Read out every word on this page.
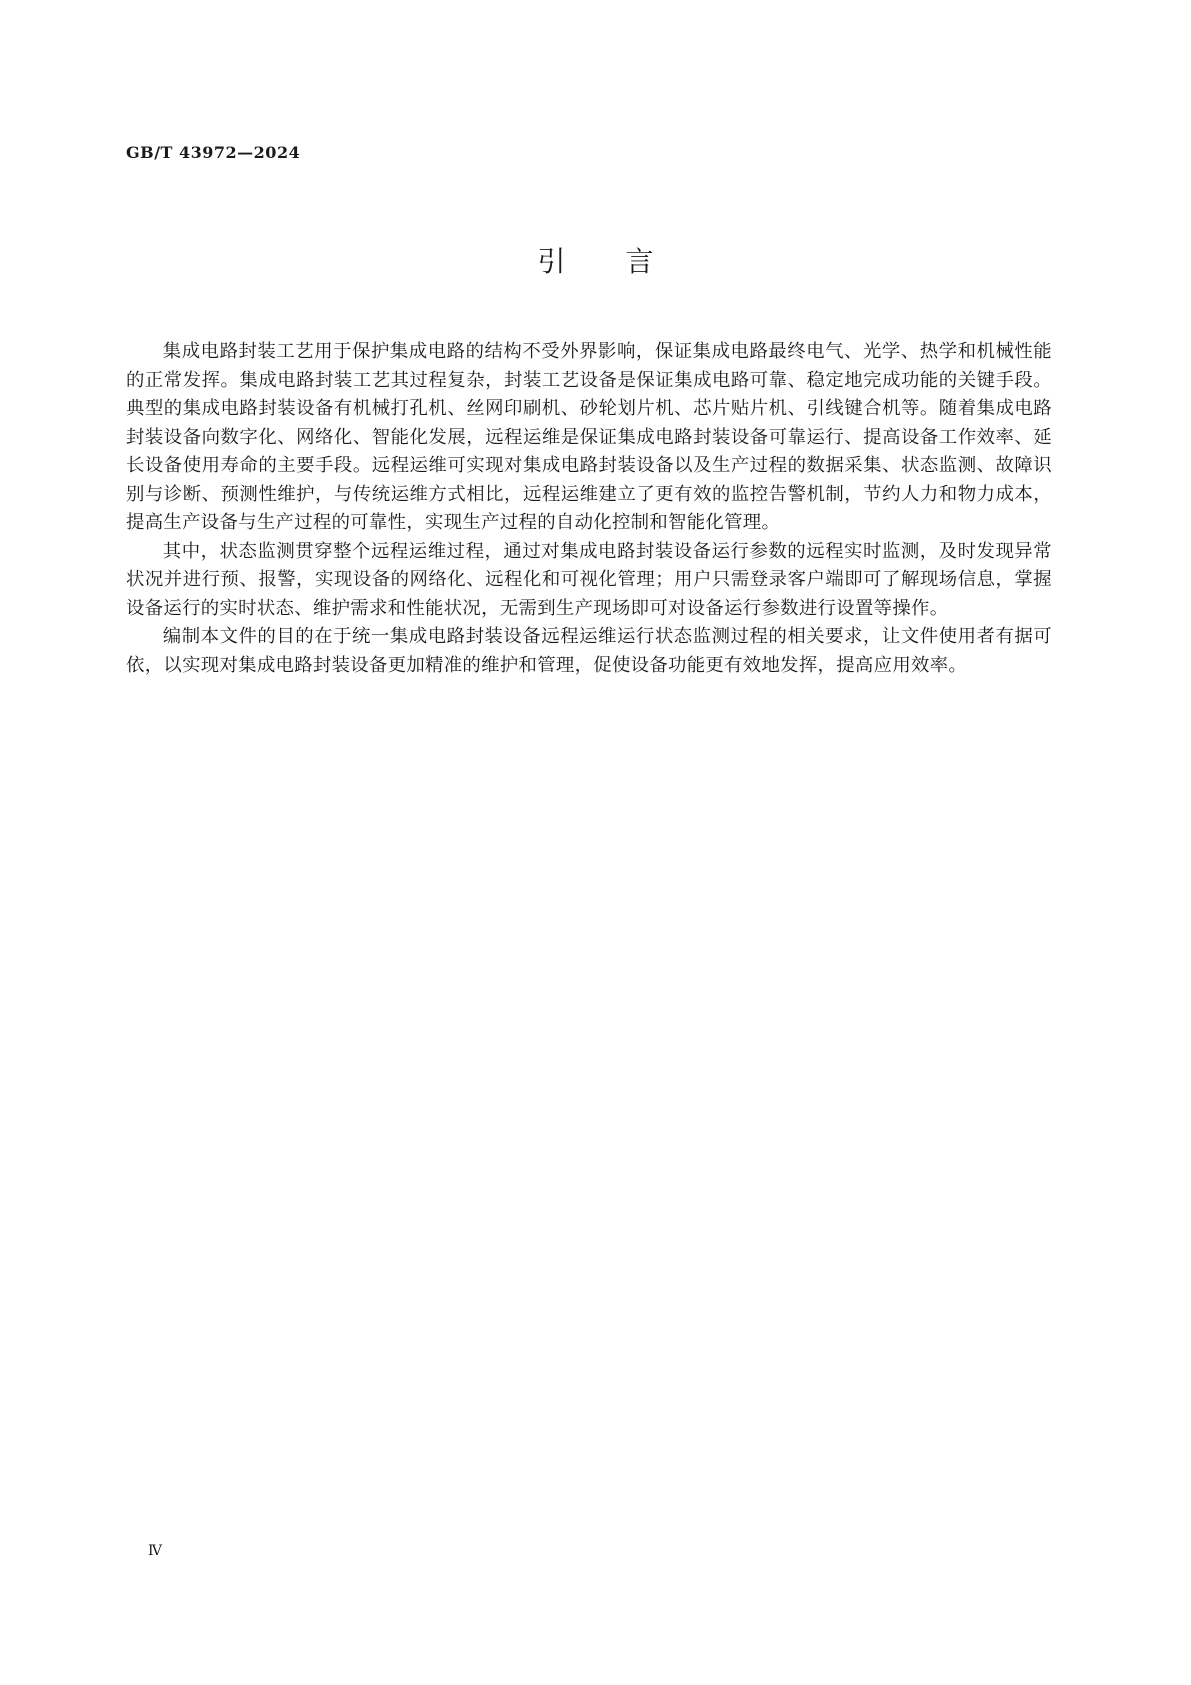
GB/T 43972—2024
引言

集成电路封装工艺用于保护集成电路的结构不受外界影响，保证集成电路最终电气、光学、热学和机械性能的正常发挥。集成电路封装工艺其过程复杂，封装工艺设备是保证集成电路可靠、稳定地完成功能的关键手段。典型的集成电路封装设备有机械打孔机、丝网印刷机、砂轮划片机、芯片贴片机、引线键合机等。随着集成电路封装设备向数字化、网络化、智能化发展，远程运维是保证集成电路封装设备可靠运行、提高设备工作效率、延长设备使用寿命的主要手段。远程运维可实现对集成电路封装设备以及生产过程的数据采集、状态监测、故障识别与诊断、预测性维护，与传统运维方式相比，远程运维建立了更有效的监控告警机制，节约人力和物力成本，提高生产设备与生产过程的可靠性，实现生产过程的自动化控制和智能化管理。

其中，状态监测贯穿整个远程运维过程，通过对集成电路封装设备运行参数的远程实时监测，及时发现异常状况并进行预、报警，实现设备的网络化、远程化和可视化管理；用户只需登录客户端即可了解现场信息，掌握设备运行的实时状态、维护需求和性能状况，无需到生产现场即可对设备运行参数进行设置等操作。

编制本文件的目的在于统一集成电路封装设备远程运维运行状态监测过程的相关要求，让文件使用者有据可依，以实现对集成电路封装设备更加精准的维护和管理，促使设备功能更有效地发挥，提高应用效率。

Ⅳ
